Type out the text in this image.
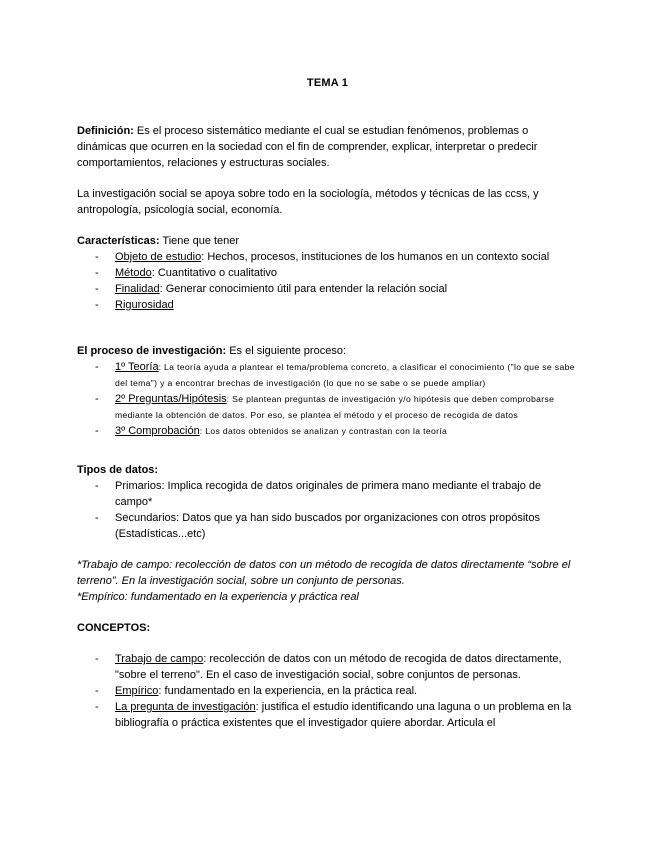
TEMA 1

Definición: Es el proceso sistemático mediante el cual se estudian fenómenos, problemas o dinámicas que ocurren en la sociedad con el fin de comprender, explicar, interpretar o predecir comportamientos, relaciones y estructuras sociales.

La investigación social se apoya sobre todo en la sociología, métodos y técnicas de las ccss, y antropología, psicología social, economía.

Características: Tiene que tener

- Objeto de estudio: Hechos, procesos, instituciones de los humanos en un contexto social
- Método: Cuantitativo o cualitativo
- Finalidad: Generar conocimiento útil para entender la relación social
- Rigurosidad

El proceso de investigación: Es el siguiente proceso:

- 1º Teoría: La teoría ayuda a plantear el tema/problema concreto, a clasificar el conocimiento ("lo que se sabe del tema") y a encontrar brechas de investigación (lo que no se sabe o se puede ampliar)
- 2º Preguntas/Hipótesis: Se plantean preguntas de investigación y/o hipótesis que deben comprobarse mediante la obtención de datos. Por eso, se plantea el método y el proceso de recogida de datos
- 3º Comprobación: Los datos obtenidos se analizan y contrastan con la teoría

Tipos de datos:

- Primarios: Implica recogida de datos originales de primera mano mediante el trabajo de campo*
- Secundarios: Datos que ya han sido buscados por organizaciones con otros propósitos (Estadísticas...etc)

*Trabajo de campo: recolección de datos con un método de recogida de datos directamente “sobre el terreno”. En la investigación social, sobre un conjunto de personas.

*Empírico: fundamentado en la experiencia y práctica real

CONCEPTOS:

- Trabajo de campo: recolección de datos con un método de recogida de datos directamente, "sobre el terreno". En el caso de investigación social, sobre conjuntos de personas.
- Empírico: fundamentado en la experiencia, en la práctica real.
- La pregunta de investigación: justifica el estudio identificando una laguna o un problema en la bibliografía o práctica existentes que el investigador quiere abordar. Articula el
